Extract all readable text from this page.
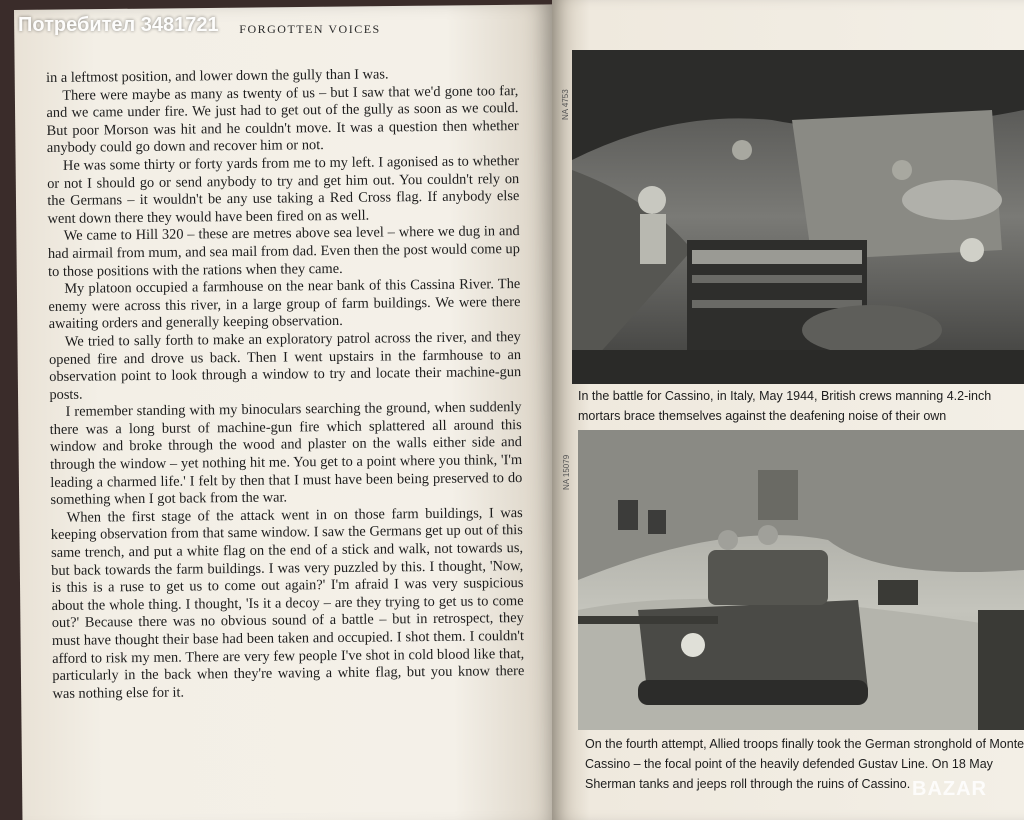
FORGOTTEN VOICES

in a leftmost position, and lower down the gully than I was.

There were maybe as many as twenty of us – but I saw that we'd gone too far, and we came under fire. We just had to get out of the gully as soon as we could. But poor Morson was hit and he couldn't move. It was a question then whether anybody could go down and recover him or not.

He was some thirty or forty yards from me to my left. I agonised as to whether or not I should go or send anybody to try and get him out. You couldn't rely on the Germans – it wouldn't be any use taking a Red Cross flag. If anybody else went down there they would have been fired on as well.

We came to Hill 320 – these are metres above sea level – where we dug in and had airmail from mum, and sea mail from dad. Even then the post would come up to those positions with the rations when they came.

My platoon occupied a farmhouse on the near bank of this Cassina River. The enemy were across this river, in a large group of farm buildings. We were there awaiting orders and generally keeping observation.

We tried to sally forth to make an exploratory patrol across the river, and they opened fire and drove us back. Then I went upstairs in the farmhouse to an observation point to look through a window to try and locate their machine-gun posts.

I remember standing with my binoculars searching the ground, when suddenly there was a long burst of machine-gun fire which splattered all around this window and broke through the wood and plaster on the walls either side and through the window – yet nothing hit me. You get to a point where you think, 'I'm leading a charmed life.' I felt by then that I must have been being preserved to do something when I got back from the war.

When the first stage of the attack went in on those farm buildings, I was keeping observation from that same window. I saw the Germans get up out of this same trench, and put a white flag on the end of a stick and walk, not towards us, but back towards the farm buildings. I was very puzzled by this. I thought, 'Now, is this is a ruse to get us to come out again?' I'm afraid I was very suspicious about the whole thing. I thought, 'Is it a decoy – are they trying to get us to come out?' Because there was no obvious sound of a battle – but in retrospect, they must have thought their base had been taken and occupied. I shot them. I couldn't afford to risk my men. There are very few people I've shot in cold blood like that, particularly in the back when they're waving a white flag, but you know there was nothing else for it.

NA 4753
In the battle for Cassino, in Italy, May 1944, British crews manning 4.2-inch mortars brace themselves against the deafening noise of their own
NA 15079
On the fourth attempt, Allied troops finally took the German stronghold of Monte Cassino – the focal point of the heavily defended Gustav Line. On 18 May Sherman tanks and jeeps roll through the ruins of Cassino.
Потребител 3481721
BAZAR
